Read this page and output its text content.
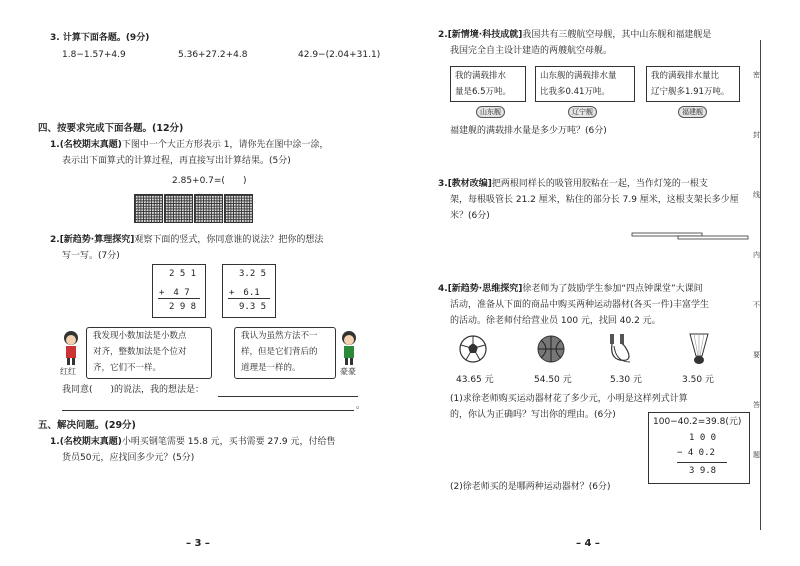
3. 计算下面各题。(9分)
1.8−1.57+4.9	5.36+27.2+4.8	42.9−(2.04+31.1)
四、按要求完成下面各题。(12分)
1.(名校期末真题)下图中一个大正方形表示 1，请你先在图中涂一涂，
表示出下面算式的计算过程，再直接写出计算结果。(5分)
2.85+0.7=(　　)
2.[新趋势·算理探究]观察下面的竖式，你同意谁的说法？把你的想法
写一写。(7分)
2 5 1
+　4 7
2 9 8
3.2 5
+　6.1
9.3 5
红红
我发现小数加法是小数点
对齐，整数加法是个位对
齐，它们不一样。
我认为虽然方法不一
样，但是它们背后的
道理是一样的。	豪豪
我同意(　　)的说法，我的想法是：
。
五、解决问题。(29分)
1.(名校期末真题)小明买钢笔需要 15.8 元，买书需要 27.9 元，付给售
货员50元，应找回多少元？(5分)
– 3 –
2.[新情境·科技成就]我国共有三艘航空母舰，其中山东舰和福建舰是
我国完全自主设计建造的两艘航空母舰。
我的满载排水
量是6.5万吨。
山东舰的满载排水量
比我多0.41万吨。
我的满载排水量比
辽宁舰多1.91万吨。
山东舰	辽宁舰	福建舰
福建舰的满载排水量是多少万吨？(6分)
3.[教材改编]把两根同样长的吸管用胶粘在一起，当作灯笼的一根支
架，每根吸管长 21.2 厘米，粘住的部分长 7.9 厘米，这根支架长多少厘
米？(6分)
4.[新趋势·思维探究]徐老师为了鼓励学生参加“四点钟课堂”大课间
活动，准备从下面的商品中购买两种运动器材(各买一件)丰富学生
的活动。徐老师付给营业员 100 元，找回 40.2 元。
43.65 元	54.50 元	5.30 元	3.50 元
(1)求徐老师购买运动器材花了多少元，小明是这样列式计算
的，你认为正确吗？写出你的理由。(6分)
100−40.2=39.8(元)
1 0 0
− 4 0.2
3 9.8
(2)徐老师买的是哪两种运动器材？(6分)
– 4 –
密
封
线
内
不
要
答
题
